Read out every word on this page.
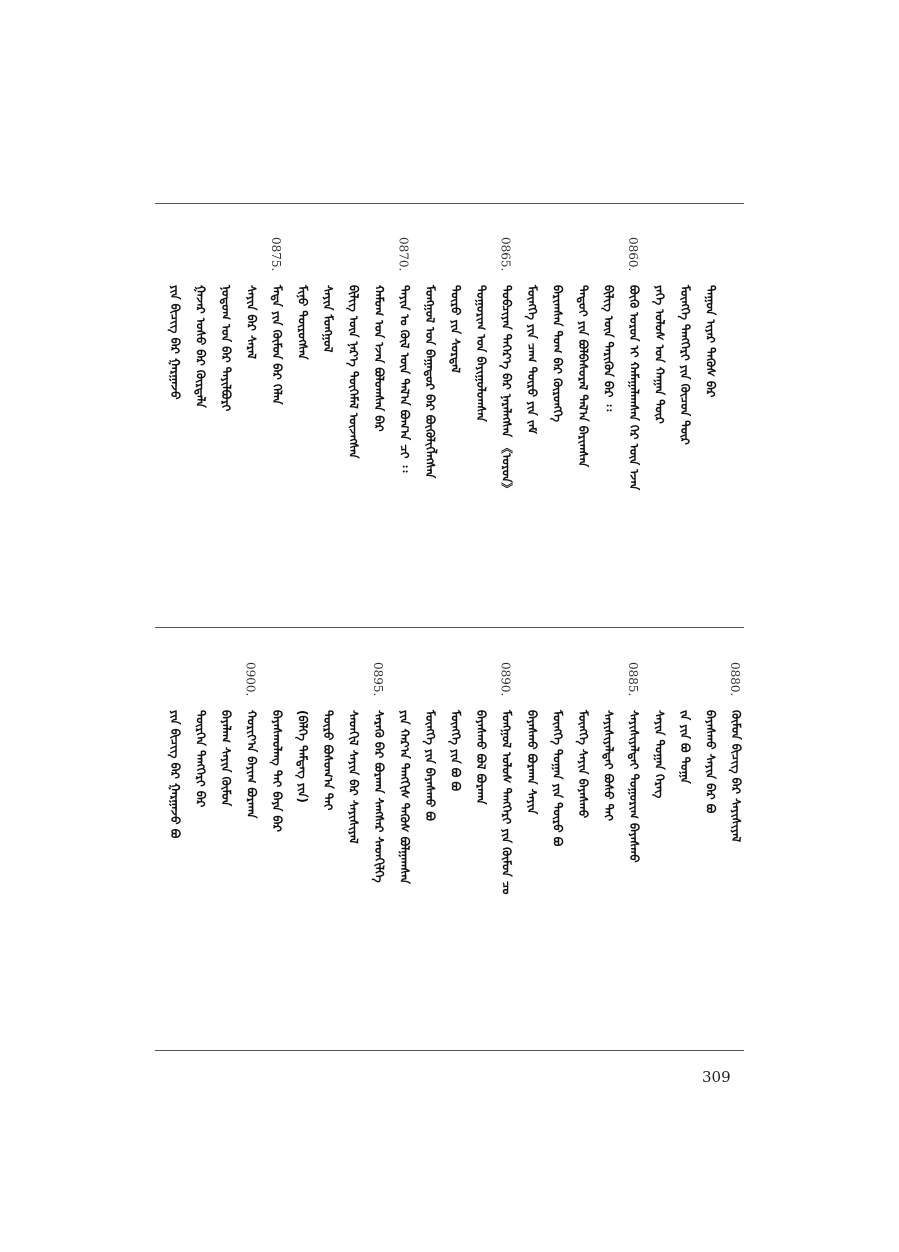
ᠶᠢᠨ ᠪᠢᠴᠢᠭ ᠪᠡᠷ ᠭᠠᠷᠭᠠᠵᠤ ᠭᠠᠵᠠᠷ ᠤᠰᠤ ᠪᠡᠷ ᠬᠦᠷᠲᠡᠯᠡ ᠨᠤᠲᠤᠭ ᠤᠨ ᠪᠡᠷ ᠲᠠᠶᠢᠯᠪᠤᠷᠢ ᠰᠠᠶᠢᠨ ᠪᠡᠷ ᠰᠠᠷᠠᠯ
0875.
ᠮᠡᠳᠡ ᠶᠢᠨ ᠬᠦᠮᠦᠨ ᠪᠡᠷ ᠬᠡᠯᠡᠨ ᠮᠢᠨᠤ ᠲᠥᠷᠥᠭᠰᠡᠨ ᠰᠠᠶᠢᠨ ᠮᠣᠩᠭᠣᠯ ᠪᠢᠯᠢᠭ ᠦᠨ ᠨᠡᠷ᠎ᠡ ᠲᠦᠭᠡᠮᠡᠯ ᠦᠵᠡᠭᠰᠡᠨ ᠬᠠᠮᠤᠭ ᠤᠨ ᠡᠵᠡᠨ ᠪᠤᠯᠤᠭᠰᠠᠨ ᠪᠡᠷ
0870.
ᠳᠠᠶᠢᠨ ᠤ ᠬᠥᠯ ᠦᠨ ᠲᠠᠯ᠎ᠠ ᠪᠤᠭ᠎ᠠ ᠴᠢ ᠄᠄ ᠮᠣᠩᠭᠣᠯ ᠤᠨ ᠪᠠᠭᠠᠳᠤᠷ ᠪᠡᠷ ᠪᠦᠬᠦᠯᠢᠭᠯᠡᠭᠰᠡᠨ ᠲᠥᠷᠥ ᠶᠢᠨ ᠰᠤᠷᠲᠠᠯ ᠲᠣᠭᠣᠷᠢᠭ ᠤᠨ ᠪᠠᠶᠢᠭᠤᠯᠤᠭᠰᠠᠨ
0865.
ᠲᠣᠪᠴᠢᠶᠠᠨ ᠳᠡᠭᠡᠷ᠎ᠡ ᠪᠡᠷ ᠨᠡᠷᠡᠯᠡᠭᠰᠡᠨ 《ᠣᠷᠣᠨ》 ᠮᠥᠩᠬᠡ ᠶᠢᠨ ᠴᠠᠭ ᠲᠥᠷᠦ ᠶᠢᠨ ᠵᠠᠮ ᠪᠠᠷᠢᠭᠰᠠᠨ ᠲᠤᠭ ᠪᠡᠷ ᠬᠥᠷᠦᠩᠭᠡ ᠲᠡᠳᠦᠢ ᠶᠢᠨ ᠪᠤᠯᠪᠠᠰᠤᠷᠠᠯ ᠲᠠᠯ᠎ᠠ ᠪᠠᠷᠢᠭᠰᠠᠨ ᠪᠢᠯᠢᠭ ᠦᠨ ᠲᠡᠷᠢᠭᠦᠨ ᠪᠡᠷ ᠄᠄
0860.
ᠪᠦᠬᠦ ᠣᠷᠣᠨ ᠢ ᠬᠠᠮᠠᠭᠠᠯᠠᠭᠰᠠᠨ ᠭᠡᠷ ᠦᠨ ᠡᠵᠡᠨ ᠶᠡᠬᠡ ᠤᠯᠤᠰ ᠤᠨ ᠬᠠᠭᠠᠨ ᠳᠥᠷ ᠮᠥᠩᠬᠡ ᠲᠡᠩᠭᠡᠷᠢ ᠶᠢᠨ ᠬᠦᠴᠦᠨ ᠳᠦᠷ ᠳᠠᠭᠤᠨ ᠢᠶᠠᠷ ᠲᠡᠭᠦᠰ ᠪᠡᠷ
ᠶᠢᠨ ᠪᠢᠴᠢᠭ ᠪᠡᠷ ᠭᠠᠷᠭᠠᠵᠤ ᠪᠤ ᠲᠦᠷᠭᠡᠨ ᠲᠡᠩᠭᠡᠷᠢ ᠪᠠᠷ ᠪᠠᠶᠠᠯᠠᠭ ᠰᠠᠶᠢᠨ ᠬᠦᠮᠦᠨ
0900.
ᠬᠣᠷᠢᠶ᠎ᠠ ᠪᠠᠶᠢᠭ ᠪᠤᠷᠬᠠᠨ ᠪᠠᠶᠠᠰᠬᠤᠯᠠᠩ ᠲᠠᠢ ᠪᠡᠶᠡ ᠪᠠᠷ (ᠪᠡᠯᠭᠡ ᠲᠡᠮᠳᠡᠭ ᠶᠢᠨ) ᠲᠥᠷᠥ ᠪᠣᠰᠤᠭ᠎ᠠ ᠲᠠᠢ ᠰᠡᠳᠬᠢᠯ ᠰᠠᠶᠢᠨ ᠪᠡᠷ ᠰᠠᠶᠢᠰᠢᠶᠠᠯ
0895.
ᠰᠡᠷᠡᠬᠦ ᠪᠡᠷ ᠪᠤᠷᠬᠠᠨ ᠰᠠᠩᠰᠠᠷ ᠰᠡᠳᠬᠢᠯᠭᠡ ᠶᠢᠨ ᠬᠠᠷ᠎ᠠ ᠲᠡᠩᠭᠢᠰ ᠲᠡᠭᠦᠰ ᠪᠣᠯᠭᠠᠭᠰᠠᠨ ᠮᠥᠩᠬᠡ ᠶᠢᠨ ᠪᠠᠶᠠᠰᠬᠤ ᠪᠤ ᠮᠥᠩᠬᠡ ᠶᠢᠨ ᠪᠤ ᠪᠤ ᠪᠠᠶᠠᠰᠬᠤ ᠪᠣᠯ ᠪᠤᠷᠬᠠᠨ
0890.
ᠮᠣᠩᠭᠣᠯ ᠤᠯᠤᠰ ᠲᠡᠩᠭᠡᠷᠢ ᠶᠢᠨ ᠬᠦᠮᠦᠨ ᠴᠤ ᠪᠠᠶᠠᠰᠬᠤ ᠪᠤᠷᠬᠠᠨ ᠰᠠᠶᠢᠨ ᠮᠥᠩᠬᠡ ᠲᠣᠭᠠᠨ ᠶᠢᠨ ᠲᠥᠷᠥ ᠪᠤ ᠮᠥᠩᠬᠡ ᠰᠠᠶᠢᠨ ᠪᠠᠶᠠᠰᠬᠤ ᠰᠠᠶᠢᠰᠢᠶᠠᠯᠲᠠᠢ ᠪᠤᠰᠤ ᠲᠠᠢ
0885.
ᠰᠠᠶᠢᠰᠢᠶᠠᠯᠲᠠᠢ ᠲᠣᠭᠣᠷᠢᠭ ᠪᠠᠶᠠᠰᠬᠤ ᠰᠠᠶᠢᠨ ᠲᠣᠭᠠᠨ ᠬᠡᠷᠡᠭ ᠵᠠ ᠶᠢᠨ ᠪᠤ ᠲᠣᠭᠠ ᠪᠠᠶᠠᠰᠬᠤ ᠰᠠᠶᠢᠨ ᠪᠡᠷ ᠪᠤ
0880.
ᠬᠦᠮᠦᠨ ᠪᠢᠴᠢᠭ ᠪᠡᠷ ᠰᠠᠶᠢᠰᠢᠶᠠᠯ
309
